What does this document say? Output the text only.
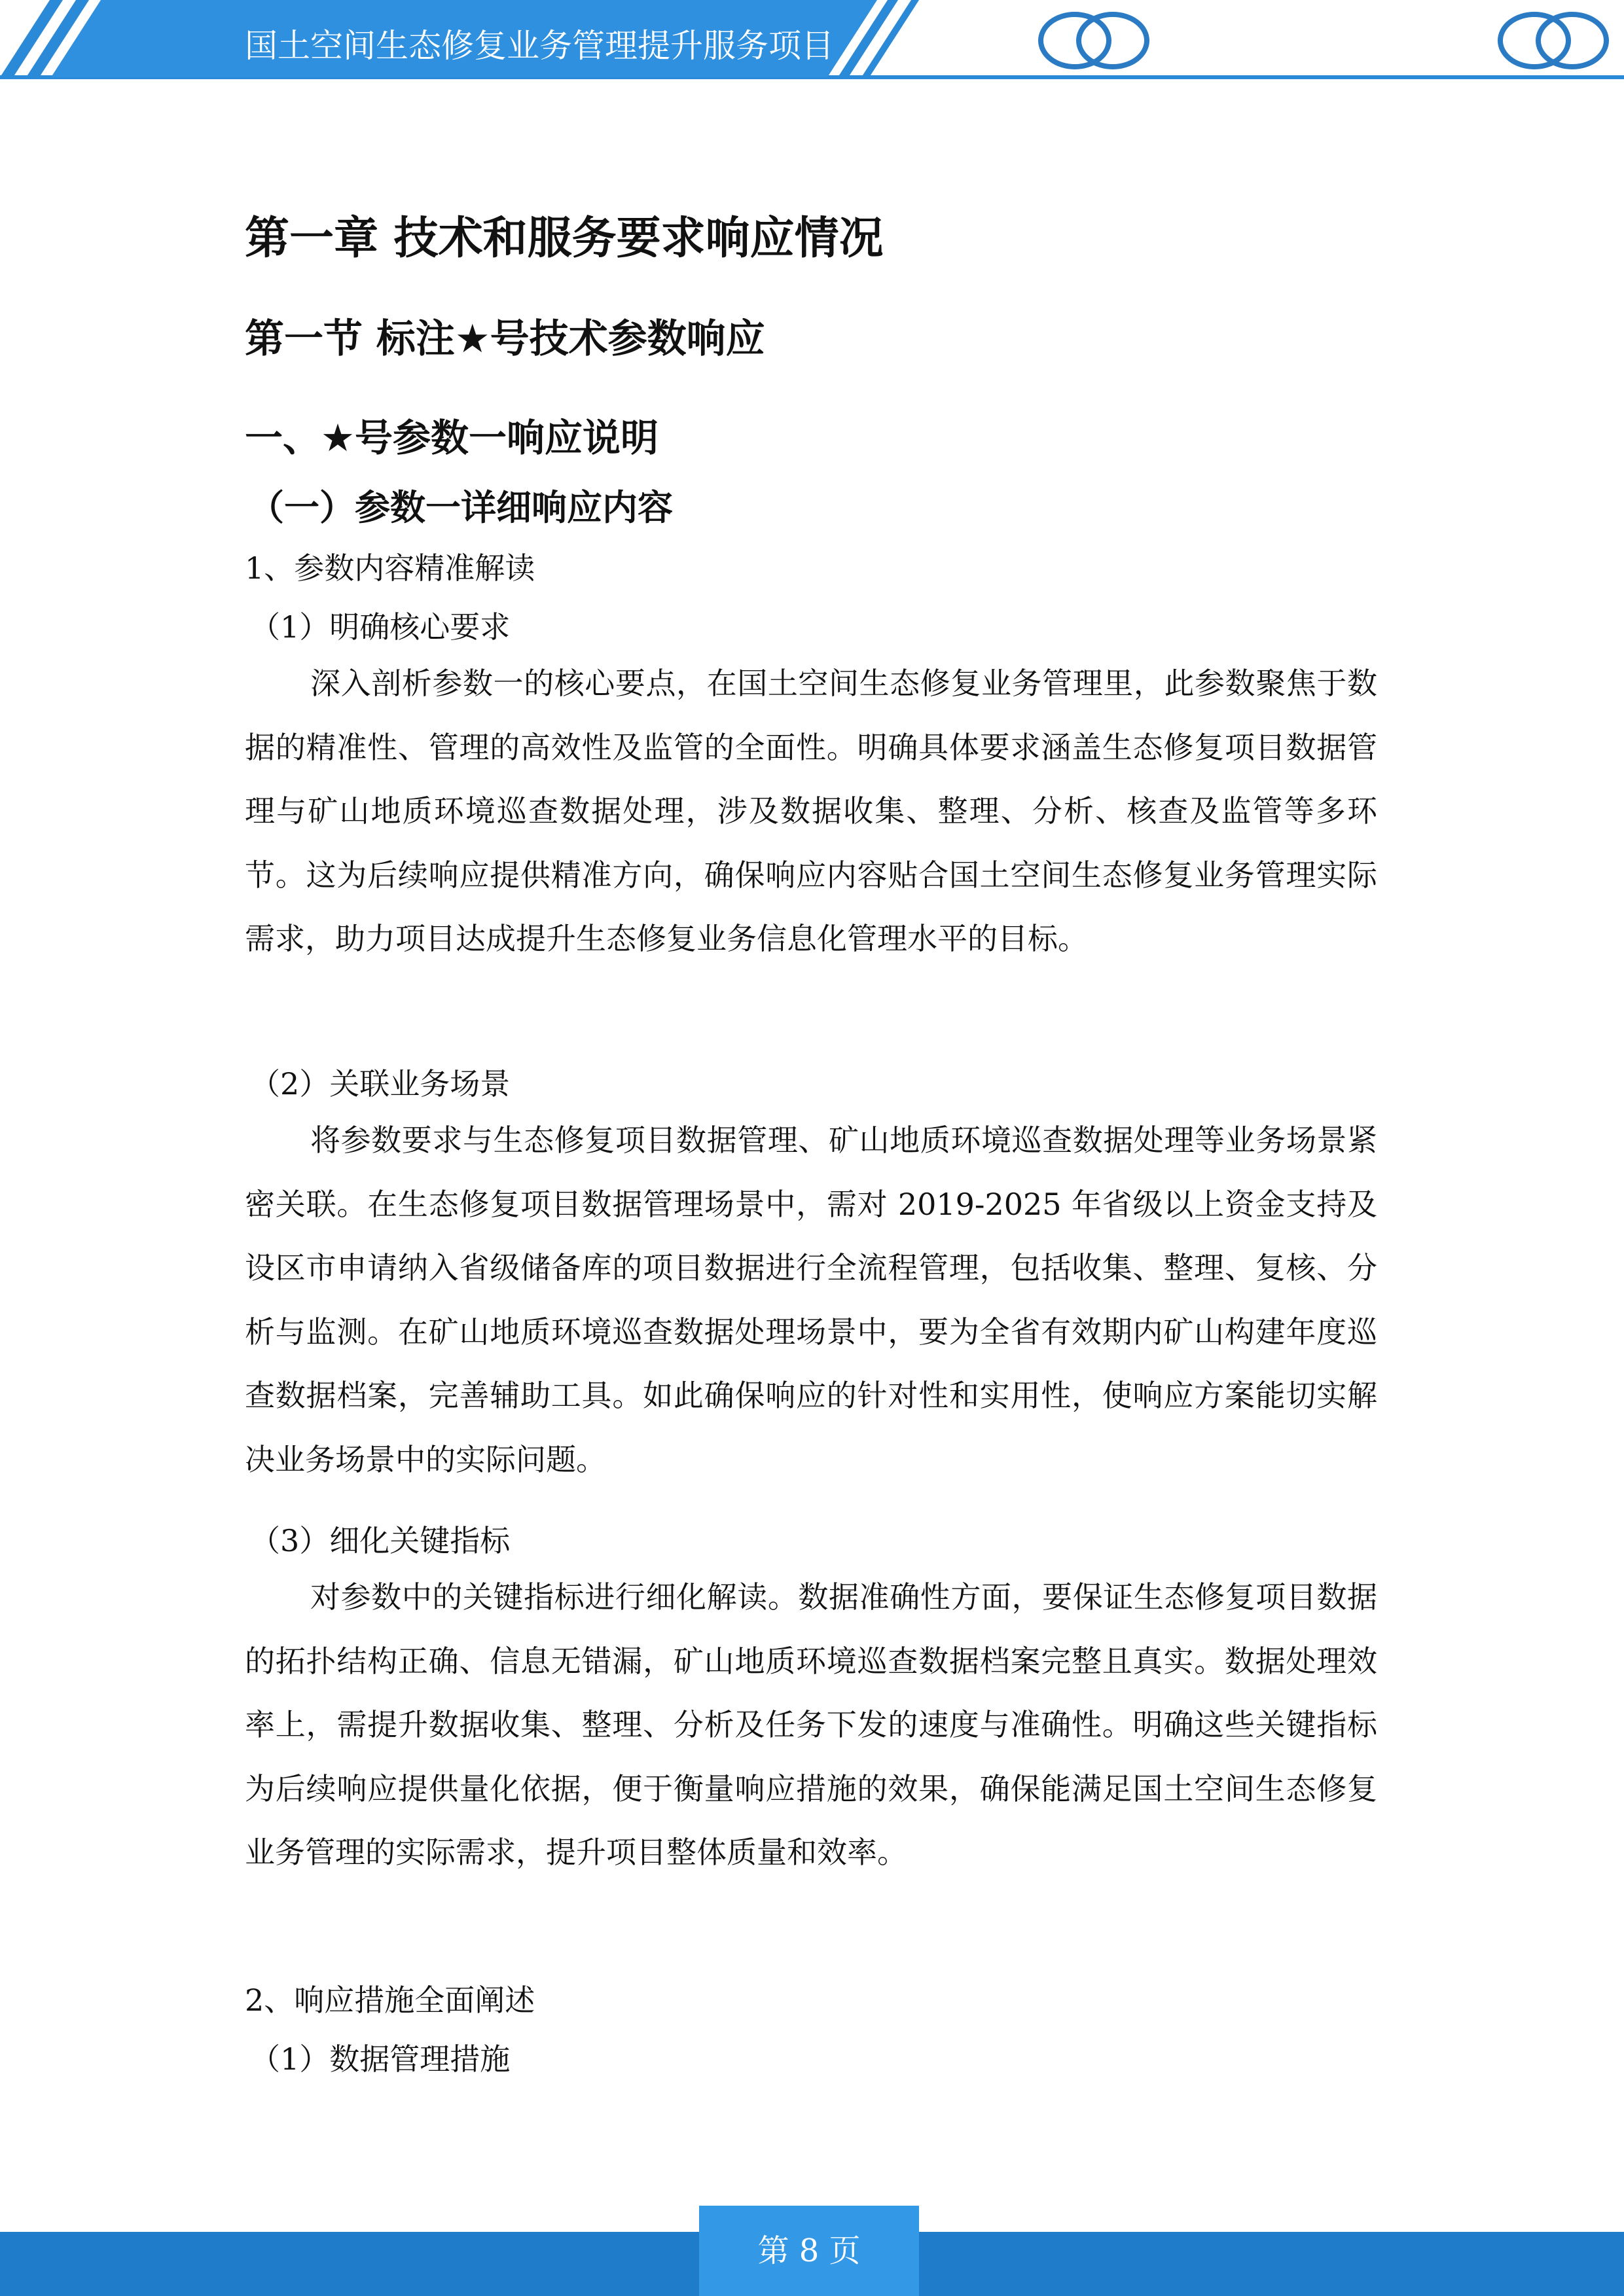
国土空间生态修复业务管理提升服务项目
第一章 技术和服务要求响应情况
第一节 标注★号技术参数响应
一、★号参数一响应说明
（一）参数一详细响应内容
1、参数内容精准解读
（1）明确核心要求

深入剖析参数一的核心要点，在国土空间生态修复业务管理里，此参数聚焦于数据的精准性、管理的高效性及监管的全面性。明确具体要求涵盖生态修复项目数据管理与矿山地质环境巡查数据处理，涉及数据收集、整理、分析、核查及监管等多环节。这为后续响应提供精准方向，确保响应内容贴合国土空间生态修复业务管理实际需求，助力项目达成提升生态修复业务信息化管理水平的目标。

（2）关联业务场景

将参数要求与生态修复项目数据管理、矿山地质环境巡查数据处理等业务场景紧密关联。在生态修复项目数据管理场景中，需对 2019-2025 年省级以上资金支持及设区市申请纳入省级储备库的项目数据进行全流程管理，包括收集、整理、复核、分析与监测。在矿山地质环境巡查数据处理场景中，要为全省有效期内矿山构建年度巡查数据档案，完善辅助工具。如此确保响应的针对性和实用性，使响应方案能切实解决业务场景中的实际问题。

（3）细化关键指标

对参数中的关键指标进行细化解读。数据准确性方面，要保证生态修复项目数据的拓扑结构正确、信息无错漏，矿山地质环境巡查数据档案完整且真实。数据处理效率上，需提升数据收集、整理、分析及任务下发的速度与准确性。明确这些关键指标为后续响应提供量化依据，便于衡量响应措施的效果，确保能满足国土空间生态修复业务管理的实际需求，提升项目整体质量和效率。

2、响应措施全面阐述
（1）数据管理措施
第 8 页
